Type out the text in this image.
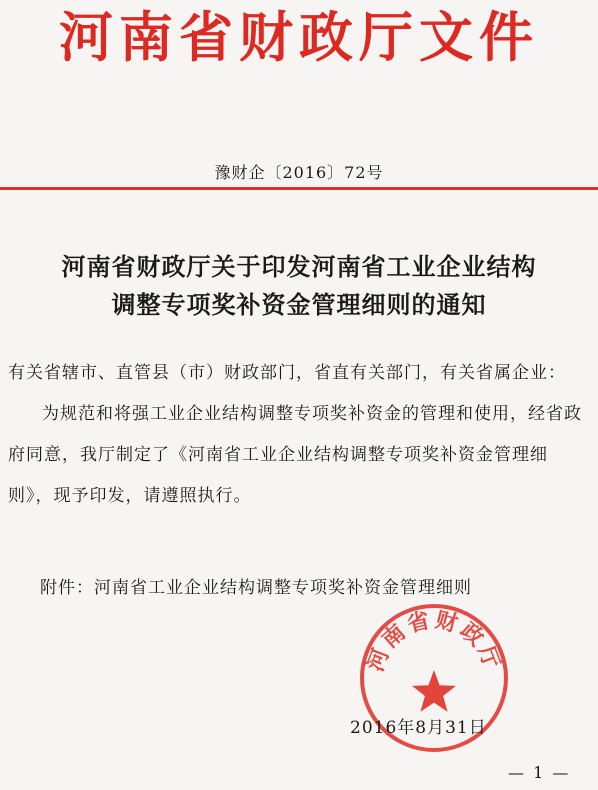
河南省财政厅文件
豫财企〔2016〕72号
河南省财政厅关于印发河南省工业企业结构
调整专项奖补资金管理细则的通知

有关省辖市、直管县（市）财政部门，省直有关部门，有关省属企业：

为规范和将强工业企业结构调整专项奖补资金的管理和使用，经省政府同意，我厅制定了《河南省工业企业结构调整专项奖补资金管理细则》，现予印发，请遵照执行。

附件：河南省工业企业结构调整专项奖补资金管理细则
河南省财政厅
2016年8月31日
— 1 —
